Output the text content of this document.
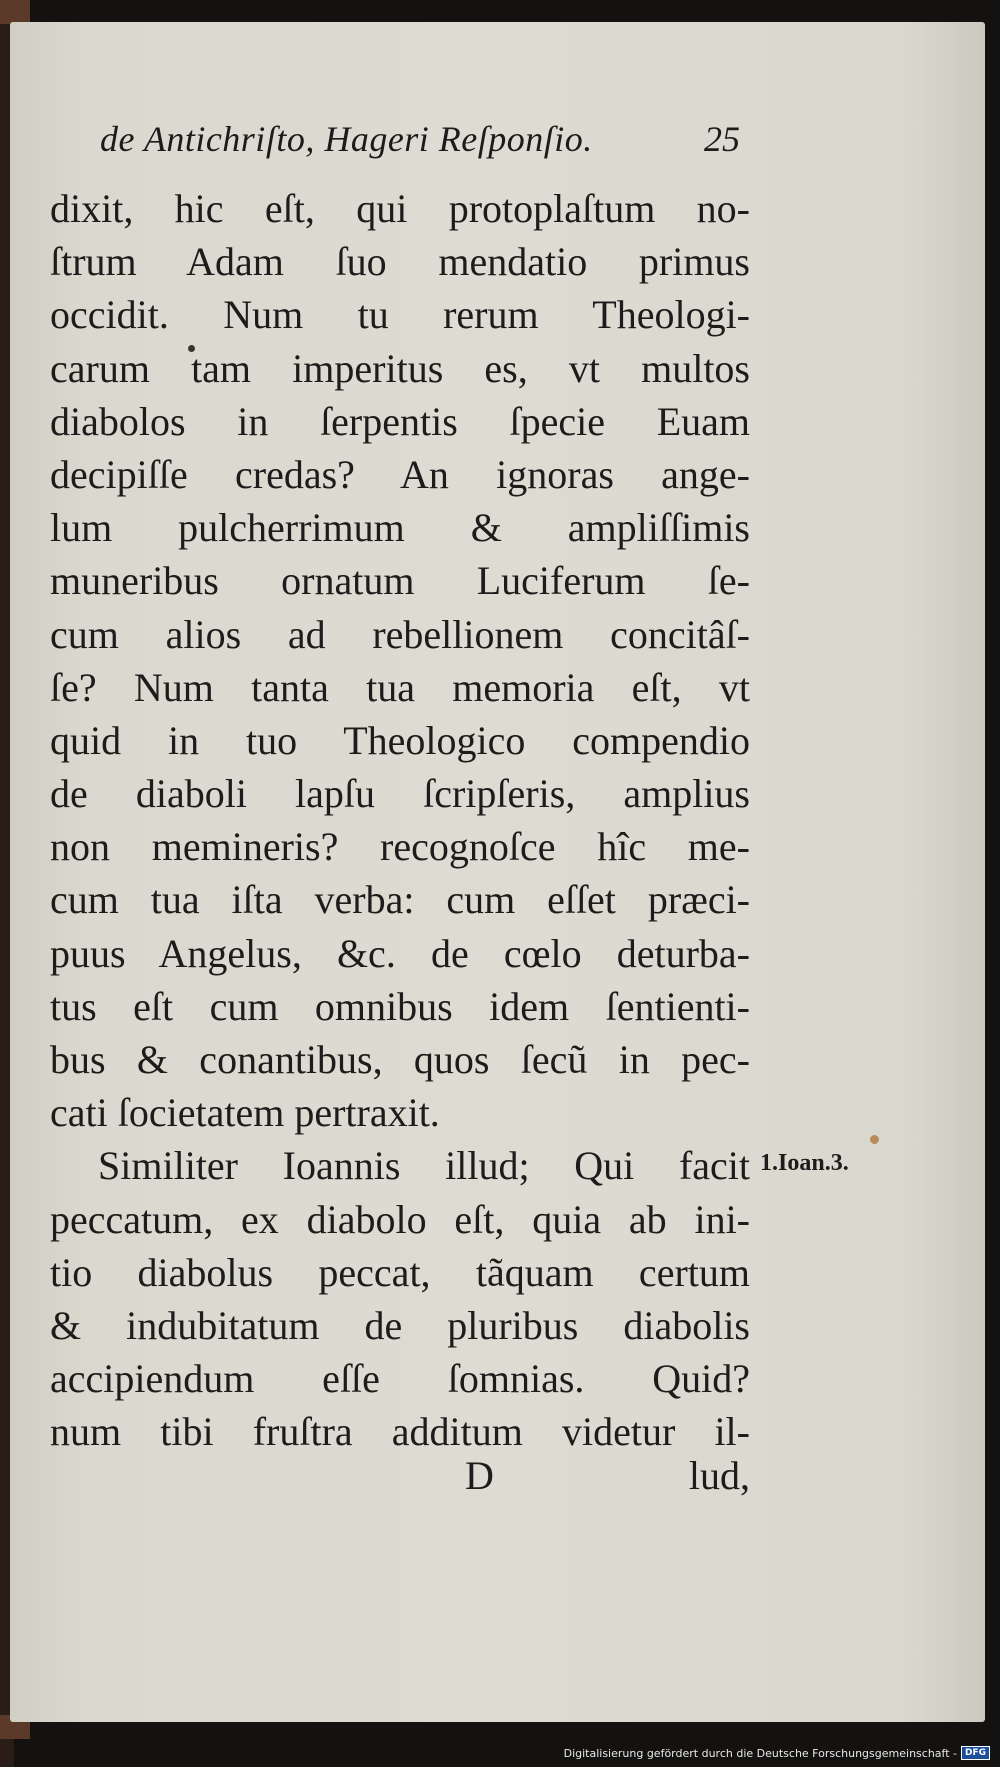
de Antichriſto, Hageri Reſponſio.	25
dixit, hic eſt, qui protoplaſtum no-
ſtrum Adam ſuo mendatio primus
occidit. Num tu rerum Theologi-
carum tam imperitus es, vt multos
diabolos in ſerpentis ſpecie Euam
decipiſſe credas? An ignoras ange-
lum pulcherrimum & ampliſſimis
muneribus ornatum Luciferum ſe-
cum alios ad rebellionem concitâſ-
ſe? Num tanta tua memoria eſt, vt
quid in tuo Theologico compendio
de diaboli lapſu ſcripſeris, amplius
non memineris? recognoſce hîc me-
cum tua iſta verba: cum eſſet præci-
puus Angelus, &c. de cœlo deturba-
tus eſt cum omnibus idem ſentienti-
bus & conantibus, quos ſecũ in pec-
cati ſocietatem pertraxit.
Similiter Ioannis illud; Qui facit
peccatum, ex diabolo eſt, quia ab ini-
tio diabolus peccat, tãquam certum
& indubitatum de pluribus diabolis
accipiendum eſſe ſomnias. Quid?
num tibi fruſtra additum videtur il-
1.Ioan.3.
D	lud,
Digitalisierung gefördert durch die Deutsche Forschungsgemeinschaft - DFG
